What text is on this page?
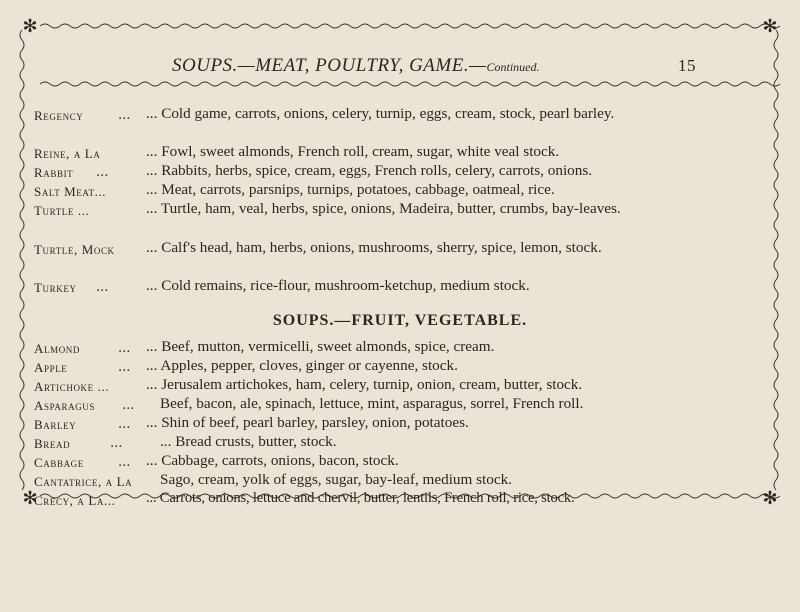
✻	✻
✻	✻
SOUPS.—MEAT, POULTRY, GAME.—Continued.	15
Regency	... ... Cold game, carrots, onions, celery, turnip, eggs, cream, stock, pearl barley.
Reine, a La	... Fowl, sweet almonds, French roll, cream, sugar, white veal stock.
Rabbit	... ... Rabbits, herbs, spice, cream, eggs, French rolls, celery, carrots, onions.
Salt Meat...	... Meat, carrots, parsnips, turnips, potatoes, cabbage, oatmeal, rice.
Turtle ...	... Turtle, ham, veal, herbs, spice, onions, Madeira, butter, crumbs, bay-leaves.
Turtle, Mock	... Calf's head, ham, herbs, onions, mushrooms, sherry, spice, lemon, stock.
Turkey	... ... Cold remains, rice-flour, mushroom-ketchup, medium stock.
SOUPS.—FRUIT, VEGETABLE.
Almond	... ... Beef, mutton, vermicelli, sweet almonds, spice, cream.
Apple	... ... Apples, pepper, cloves, ginger or cayenne, stock.
Artichoke ...	... Jerusalem artichokes, ham, celery, turnip, onion, cream, butter, stock.
Asparagus	... Beef, bacon, ale, spinach, lettuce, mint, asparagus, sorrel, French roll.
Barley	... ... Shin of beef, pearl barley, parsley, onion, potatoes.
Bread	... ... Bread crusts, butter, stock.
Cabbage	... ... Cabbage, carrots, onions, bacon, stock.
Cantatrice, a La	Sago, cream, yolk of eggs, sugar, bay-leaf, medium stock.
Crecy, a La...	... Carrots, onions, lettuce and chervil, butter, lentils, French roll, rice, stock.
